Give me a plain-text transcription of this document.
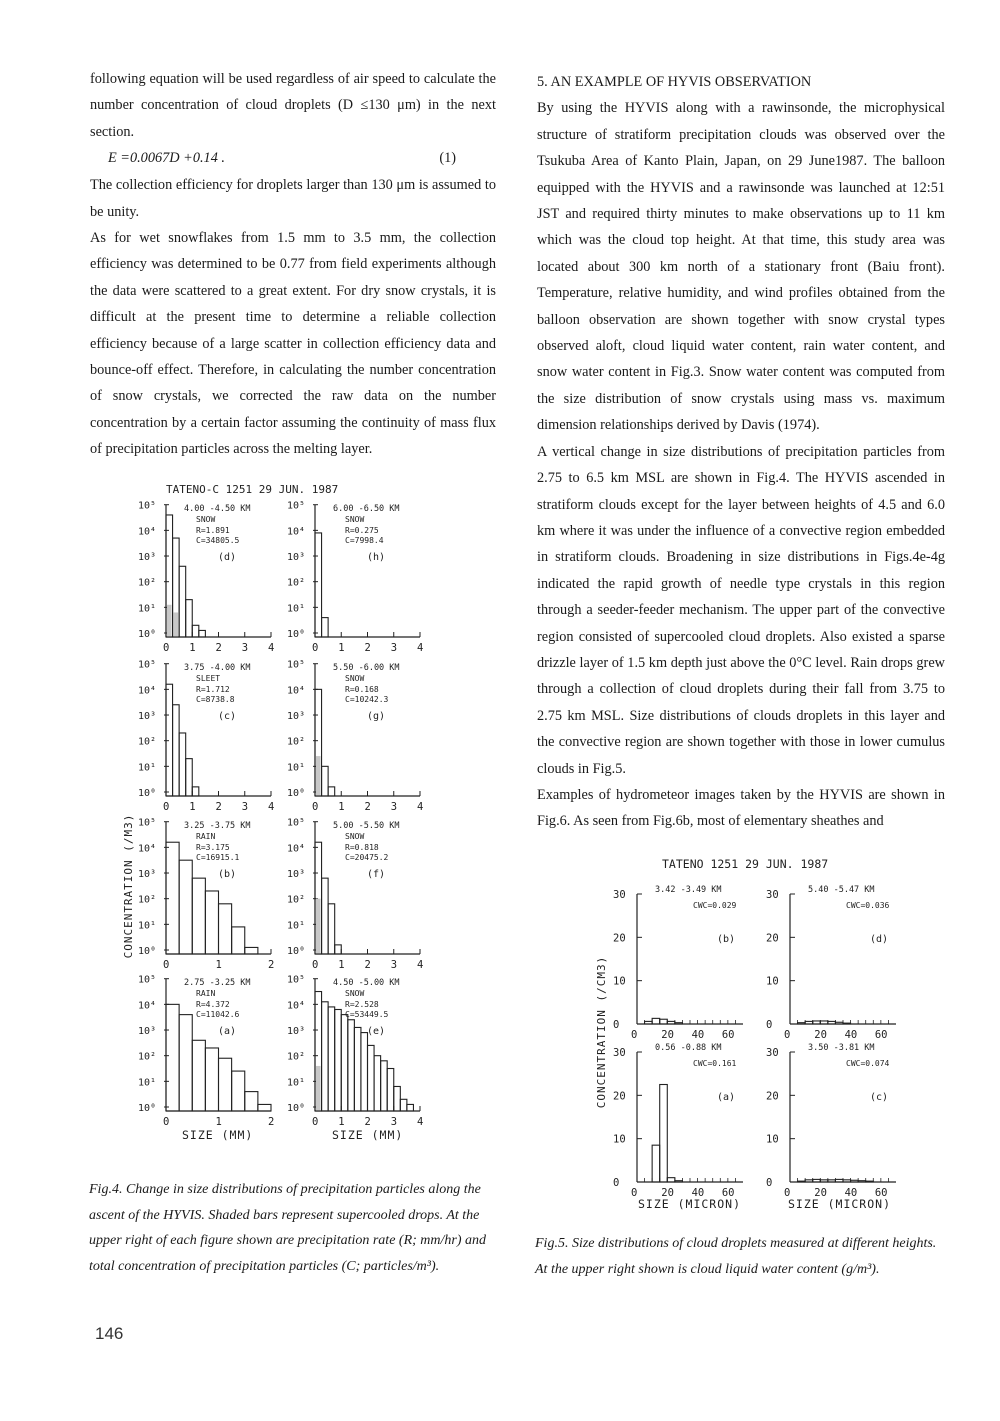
following equation will be used regardless of air speed to calculate the number concentration of cloud droplets (D ≤130 μm) in the next section.

E =0.0067D +0.14 .	(1)

The collection efficiency for droplets larger than 130 μm is assumed to be unity.

As for wet snowflakes from 1.5 mm to 3.5 mm, the collection efficiency was determined to be 0.77 from field experiments although the data were scattered to a great extent. For dry snow crystals, it is difficult at the present time to determine a reliable collection efficiency because of a large scatter in collection efficiency data and bounce-off effect. Therefore, in calculating the number concentration of snow crystals, we corrected the raw data on the number concentration by a certain factor assuming the continuity of mass flux of precipitation particles across the melting layer.

5. AN EXAMPLE OF HYVIS OBSERVATION

By using the HYVIS along with a rawinsonde, the microphysical structure of stratiform precipitation clouds was observed over the Tsukuba Area of Kanto Plain, Japan, on 29 June1987. The balloon equipped with the HYVIS and a rawinsonde was launched at 12:51 JST and required thirty minutes to make observations up to 11 km which was the cloud top height. At that time, this study area was located about 300 km north of a stationary front (Baiu front). Temperature, relative humidity, and wind profiles obtained from the balloon observation are shown together with snow crystal types observed aloft, cloud liquid water content, rain water content, and snow water content in Fig.3. Snow water content was computed from the size distribution of snow crystals using mass vs. maximum dimension relationships derived by Davis (1974).

A vertical change in size distributions of precipitation particles from 2.75 to 6.5 km MSL are shown in Fig.4. The HYVIS ascended in stratiform clouds except for the layer between heights of 4.5 and 6.0 km where it was under the influence of a convective region embedded in stratiform clouds. Broadening in size distributions in Figs.4e-4g indicated the rapid growth of needle type crystals in this region through a seeder-feeder mechanism. The upper part of the convective region consisted of supercooled cloud droplets. Also existed a sparse drizzle layer of 1.5 km depth just above the 0°C level. Rain drops grew through a collection of cloud droplets during their fall from 3.75 to 2.75 km MSL. Size distributions of clouds droplets in this layer and the convective region are shown together with those in lower cumulus clouds in Fig.5.

Examples of hydrometeor images taken by the HYVIS are shown in Fig.6. As seen from Fig.6b, most of elementary sheathes and

TATENO-C 1251 29 JUN. 1987
CONCENTRATION (/M3)
10⁰
10¹
10²
10³
10⁴
10⁵
0 1 2 3 4
4.00 -4.50 KM
SNOW
R=1.891
C=34805.5
(d)
10⁰
10¹
10²
10³
10⁴
10⁵
0 1 2 3 4
6.00 -6.50 KM
SNOW
R=0.275
C=7998.4
(h)
10⁰
10¹
10²
10³
10⁴
10⁵
0 1 2 3 4
3.75 -4.00 KM
SLEET
R=1.712
C=8738.8
(c)
10⁰
10¹
10²
10³
10⁴
10⁵
0 1 2 3 4
5.50 -6.00 KM
SNOW
R=0.168
C=10242.3
(g)
10⁰
10¹
10²
10³
10⁴
10⁵
0	1	2
3.25 -3.75 KM
RAIN
R=3.175
C=16915.1
(b)
10⁰
10¹
10²
10³
10⁴
10⁵
0 1 2 3 4
5.00 -5.50 KM
SNOW
R=0.818
C=20475.2
(f)
10⁰
10¹
10²
10³
10⁴
10⁵
0	1	2
2.75 -3.25 KM
RAIN
R=4.372
C=11042.6
(a)
10⁰
10¹
10²
10³
10⁴
10⁵
0 1 2 3 4
4.50 -5.00 KM
SNOW
R=2.528
C=53449.5
(e)
SIZE (MM)	SIZE (MM)
TATENO 1251 29 JUN. 1987
CONCENTRATION (/CM3) 0
10
20
30
0 20 40 60
3.42 -3.49 KM
CWC=0.029
(b)
0
10
20
30
0 20 40 60
5.40 -5.47 KM
CWC=0.036
(d)
0
10
20
30
0 20 40 60
0.56 -0.88 KM
CWC=0.161
(a)
0
10
20
30
0 20 40 60
3.50 -3.81 KM
CWC=0.074
(c)
SIZE (MICRON)	SIZE (MICRON)
Fig.4. Change in size distributions of precipitation particles along the ascent of the HYVIS. Shaded bars represent supercooled drops. At the upper right of each figure shown are precipitation rate (R; mm/hr) and total concentration of precipitation particles (C; particles/m³).
Fig.5. Size distributions of cloud droplets measured at different heights. At the upper right shown is cloud liquid water content (g/m³).
146
